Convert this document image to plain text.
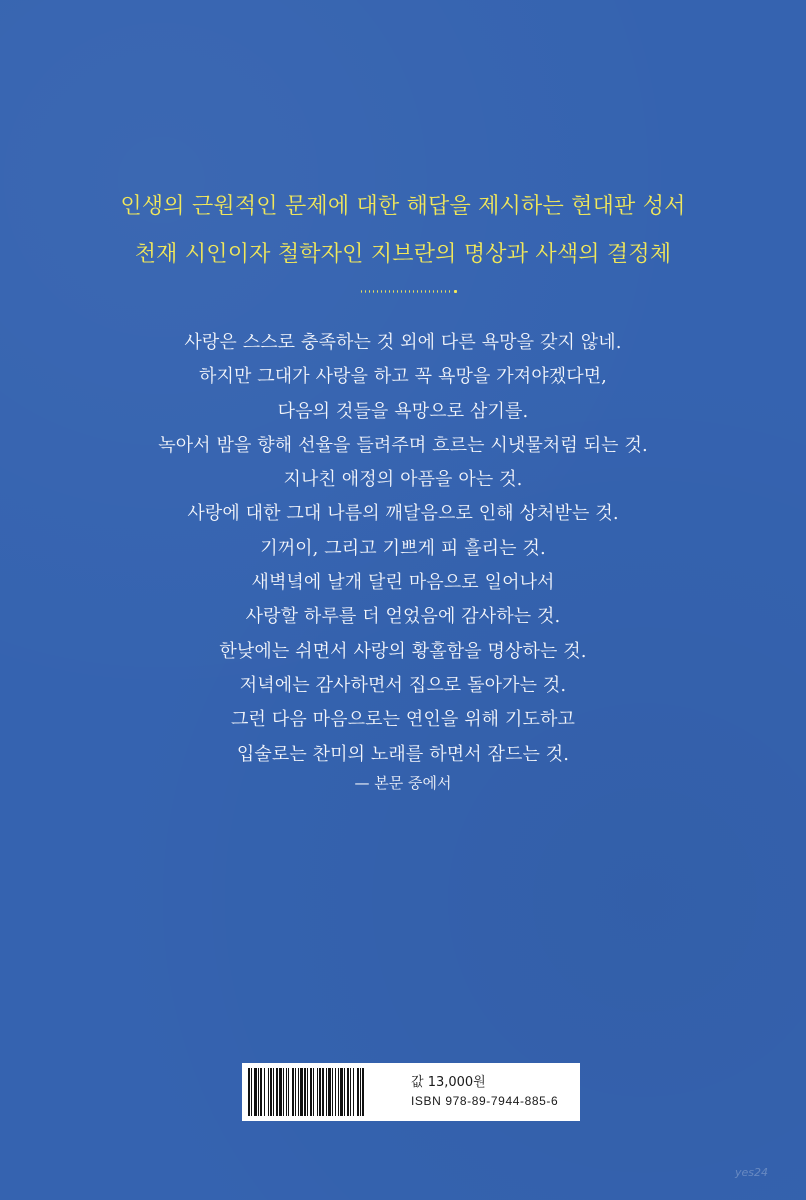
인생의 근원적인 문제에 대한 해답을 제시하는 현대판 성서
천재 시인이자 철학자인 지브란의 명상과 사색의 결정체
사랑은 스스로 충족하는 것 외에 다른 욕망을 갖지 않네.
하지만 그대가 사랑을 하고 꼭 욕망을 가져야겠다면,
다음의 것들을 욕망으로 삼기를.
녹아서 밤을 향해 선율을 들려주며 흐르는 시냇물처럼 되는 것.
지나친 애정의 아픔을 아는 것.
사랑에 대한 그대 나름의 깨달음으로 인해 상처받는 것.
기꺼이, 그리고 기쁘게 피 흘리는 것.
새벽녘에 날개 달린 마음으로 일어나서
사랑할 하루를 더 얻었음에 감사하는 것.
한낮에는 쉬면서 사랑의 황홀함을 명상하는 것.
저녁에는 감사하면서 집으로 돌아가는 것.
그런 다음 마음으로는 연인을 위해 기도하고
입술로는 찬미의 노래를 하면서 잠드는 것.
— 본문 중에서
값 13,000원
ISBN 978-89-7944-885-6
yes24
